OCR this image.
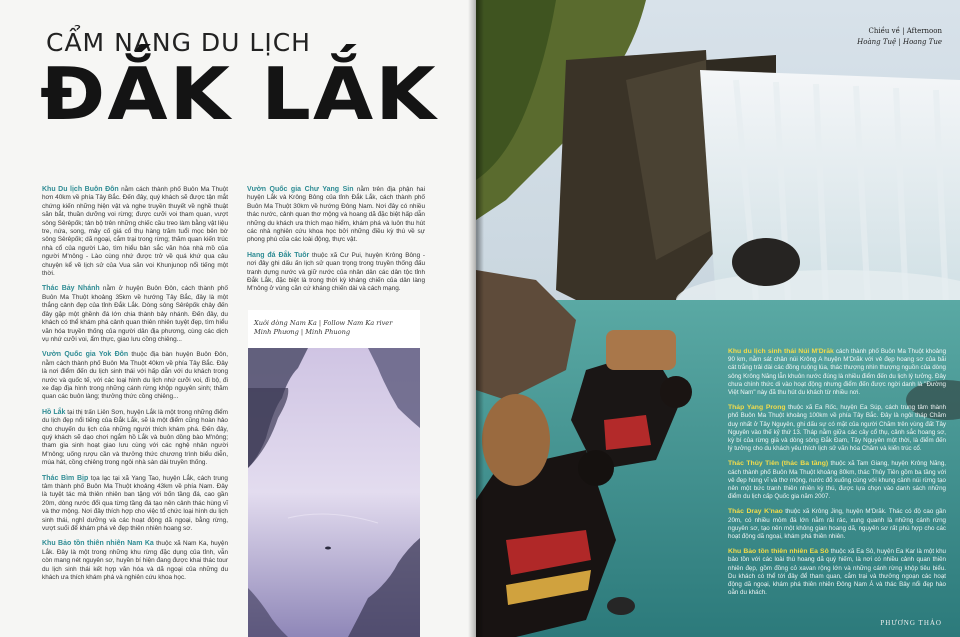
CẨM NANG DU LỊCH
ĐẮK LẮK

Khu Du lịch Buôn Đôn nằm cách thành phố Buôn Ma Thuột hơn 40km về phía Tây Bắc. Đến đây, quý khách sẽ được tận mắt chứng kiến những hiện vật và nghe truyền thuyết về nghề thuật săn bắt, thuần dưỡng voi rừng; được cưỡi voi tham quan, vượt sông Sêrêpốk; tản bộ trên những chiếc cầu treo làm bằng vật liệu tre, nứa, song, mây cố giá cổ thụ hàng trăm tuổi mọc bên bờ sông Sêrêpốk; dã ngoại, cắm trại trong rừng; thăm quan kiến trúc nhà cổ của người Lào, tìm hiểu bản sắc văn hóa nhà mồ của người M'nông - Lào cùng nhứ được trở về quá khứ qua câu chuyện kể về lịch sử của Vua săn voi Khunjunop nổi tiếng một thời.

Thác Bảy Nhánh nằm ở huyện Buôn Đôn, cách thành phố Buôn Ma Thuột khoảng 35km về hướng Tây Bắc, đây là một thắng cảnh đẹp của tỉnh Đắk Lắk. Dòng sông Sêrêpốk chảy đến đây gặp một ghềnh đá lớn chia thành bảy nhánh. Đến đây, du khách có thể khám phá cảnh quan thiên nhiên tuyệt đẹp, tìm hiểu văn hóa truyền thống của người dân địa phương, cùng các dịch vụ nhứ cưỡi voi, ẩm thực, giao lưu cồng chiêng...

Vườn Quốc gia Yok Đôn thuộc địa bàn huyện Buôn Đôn, nằm cách thành phố Buôn Ma Thuột 40km về phía Tây Bắc. Đây là nơi điểm đến du lịch sinh thái với hấp dẫn với du khách trong nước và quốc tế, với các loại hình du lịch nhứ cưỡi voi, đi bộ, đi xe đạp địa hình trong những cánh rừng khộp nguyên sinh; thăm quan các buôn làng; thưởng thức cồng chiêng...

Hồ Lắk tại thị trấn Liên Sơn, huyện Lắk là một trong những điểm du lịch đẹp nổi tiếng của Đắk Lắk, sẽ là một điểm cũng hoàn hảo cho chuyến du lịch của những người thích khám phá. Đến đây, quý khách sẽ dạo chơi ngắm hồ Lắk và buôn dồng bào M'nông; tham gia sinh hoạt giao lưu cùng với các nghệ nhân người M'nông; uống rượu cần và thưởng thức chương trình biểu diễn, múa hát, cồng chiêng trong ngôi nhà sàn dài truyền thống.

Thác Bìm Bịp tọa lạc tại xã Yang Tao, huyện Lắk, cách trung tâm thành phố Buôn Ma Thuột khoảng 43km về phía Nam. Đây là tuyệt tác mà thiên nhiên ban tặng với bốn tầng đá, cao gần 20m, dòng nước đổi qua từng tầng đá tạo nên cảnh thác hùng vĩ và thơ mộng. Nơi đây thích hợp cho việc tổ chức loại hình du lịch sinh thái, nghỉ dưỡng và các hoạt động dã ngoại, bằng rừng, vượt suối để khám phá vẻ đẹp thiên nhiên hoang sơ.

Khu Bảo tồn thiên nhiên Nam Ka thuộc xã Nam Ka, huyện Lắk. Đây là một trong những khu rừng đặc dụng của tỉnh, vẫn còn mang nét nguyên sơ, huyền bí hiện đang được khai thác tour du lịch sinh thái kết hợp văn hóa và dã ngoại của những du khách ưa thích khám phá và nghiên cứu khoa học.

Vườn Quốc gia Chư Yang Sin nằm trên địa phận hai huyện Lắk và Krông Bông của tỉnh Đắk Lắk, cách thành phố Buôn Ma Thuột 30km về hướng Đông Nam. Nơi đây có nhiều thác nước, cảnh quan thơ mộng và hoang dã đặc biệt hấp dẫn những du khách ưa thích mạo hiểm, khám phá và luôn thu hút các nhà nghiên cứu khoa học bởi những điều kỳ thú về sự phong phú của các loài động, thực vật.

Hang đá Đắk Tuôr thuộc xã Cư Pui, huyện Krông Bông - nơi đây ghi dấu ấn lịch sử quan trọng trong truyền thống đấu tranh dựng nước và giữ nước của nhân dân các dân tộc tỉnh Đắk Lắk, đặc biệt là trong thời kỳ kháng chiến của dân làng M'nông ở vùng căn cứ kháng chiến dài và cách mạng.

Xuôi dòng Nam Ka | Follow Nam Ka river
Minh Phương | Minh Phuong
Chiều về | Afternoon
Hoàng Tuệ | Hoang Tue

Khu du lịch sinh thái Núi M'Drăk cách thành phố Buôn Ma Thuột khoảng 90 km, nằm sát chân núi Krông A huyện M'Drăk với vẻ đẹp hoang sơ của bãi cát trắng trải dài các đồng ruộng lúa, thác thượng nhìn thượng nguồn của dòng sông Krông Năng lẫn khuôn nước đúng là nhiều điểm đến du lịch lý tưởng. Đây chưa chính thức di vào hoạt động nhưng điểm đến được ngời danh là "Đường Việt Nam" này đã thu hút du khách từ nhiều nơi.

Tháp Yang Prong thuộc xã Ea Rốc, huyện Ea Súp, cách trung tâm thành phố Buôn Ma Thuột khoảng 100km về phía Tây Bắc. Đây là ngôi tháp Chăm duy nhất ở Tây Nguyên, ghi dấu sự có mặt của người Chăm trên vùng đất Tây Nguyên vào thế kỷ thứ 13. Tháp nằm giữa các cây cổ thụ, cảnh sắc hoang sơ, kỳ bí của rừng già và dòng sông Đắk Đam, Tây Nguyên một thời, là điểm đến lý tưởng cho du khách yêu thích lịch sử văn hóa Chăm và kiến trúc cổ.

Thác Thủy Tiên (thác Ba tầng) thuộc xã Tam Giang, huyện Krông Năng, cách thành phố Buôn Ma Thuột khoảng 80km, thác Thủy Tiên gồm ba tầng với vẻ đẹp hùng vĩ và thơ mộng, nước đổ xuống cùng với khung cảnh núi rừng tạo nên một bức tranh thiên nhiên kỳ thú, được lựa chọn vào danh sách những điểm du lịch cấp Quốc gia năm 2007.

Thác Dray K'nao thuộc xã Krông Jing, huyện M'Drăk. Thác có độ cao gần 20m, có nhiều mỏm đá lớn nằm rải rác, xung quanh là những cánh rừng nguyên sơ, tạo nên một không gian hoang dã, nguyên sơ rất phù hợp cho các hoạt động dã ngoại, khám phá thiên nhiên.

Khu Bảo tồn thiên nhiên Ea Sô thuộc xã Ea Sô, huyện Ea Kar là một khu bảo tồn với các loài thú hoang dã quý hiếm, là nơi có nhiều cảnh quan thiên nhiên đẹp, gồm đồng cỏ xavan rộng lớn và những cánh rừng khộp tiêu biểu. Du khách có thể tới đây để tham quan, cắm trại và thưởng ngoạn các hoạt động dã ngoại, khám phá thiên nhiên Đông Nam Á và thác Bảy nổi đẹp hào oằn du khách.

PHƯƠNG THẢO
